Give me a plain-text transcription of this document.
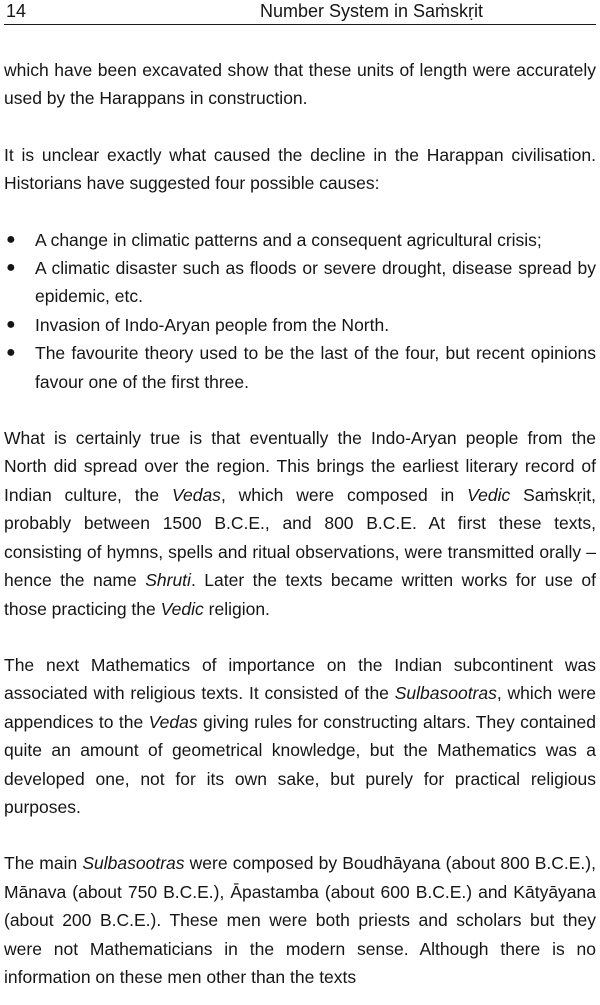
14	Number System in Saṁskṛit

which have been excavated show that these units of length were accurately used by the Harappans in construction.

It is unclear exactly what caused the decline in the Harappan civilisation. Historians have suggested four possible causes:

● A change in climatic patterns and a consequent agricultural crisis;
● A climatic disaster such as floods or severe drought, disease spread by epidemic, etc.
● Invasion of Indo-Aryan people from the North.
● The favourite theory used to be the last of the four, but recent opinions favour one of the first three.

What is certainly true is that eventually the Indo-Aryan people from the North did spread over the region. This brings the earliest literary record of Indian culture, the Vedas, which were composed in Vedic Saṁskṛit, probably between 1500 B.C.E., and 800 B.C.E. At first these texts, consisting of hymns, spells and ritual observations, were transmitted orally – hence the name Shruti. Later the texts became written works for use of those practicing the Vedic religion.

The next Mathematics of importance on the Indian subcontinent was associated with religious texts. It consisted of the Sulbasootras, which were appendices to the Vedas giving rules for constructing altars. They contained quite an amount of geometrical knowledge, but the Mathematics was a developed one, not for its own sake, but purely for practical religious purposes.

The main Sulbasootras were composed by Boudhāyana (about 800 B.C.E.), Mānava (about 750 B.C.E.), Āpastamba (about 600 B.C.E.) and Kātyāyana (about 200 B.C.E.). These men were both priests and scholars but they were not Mathematicians in the modern sense. Although there is no information on these men other than the texts
